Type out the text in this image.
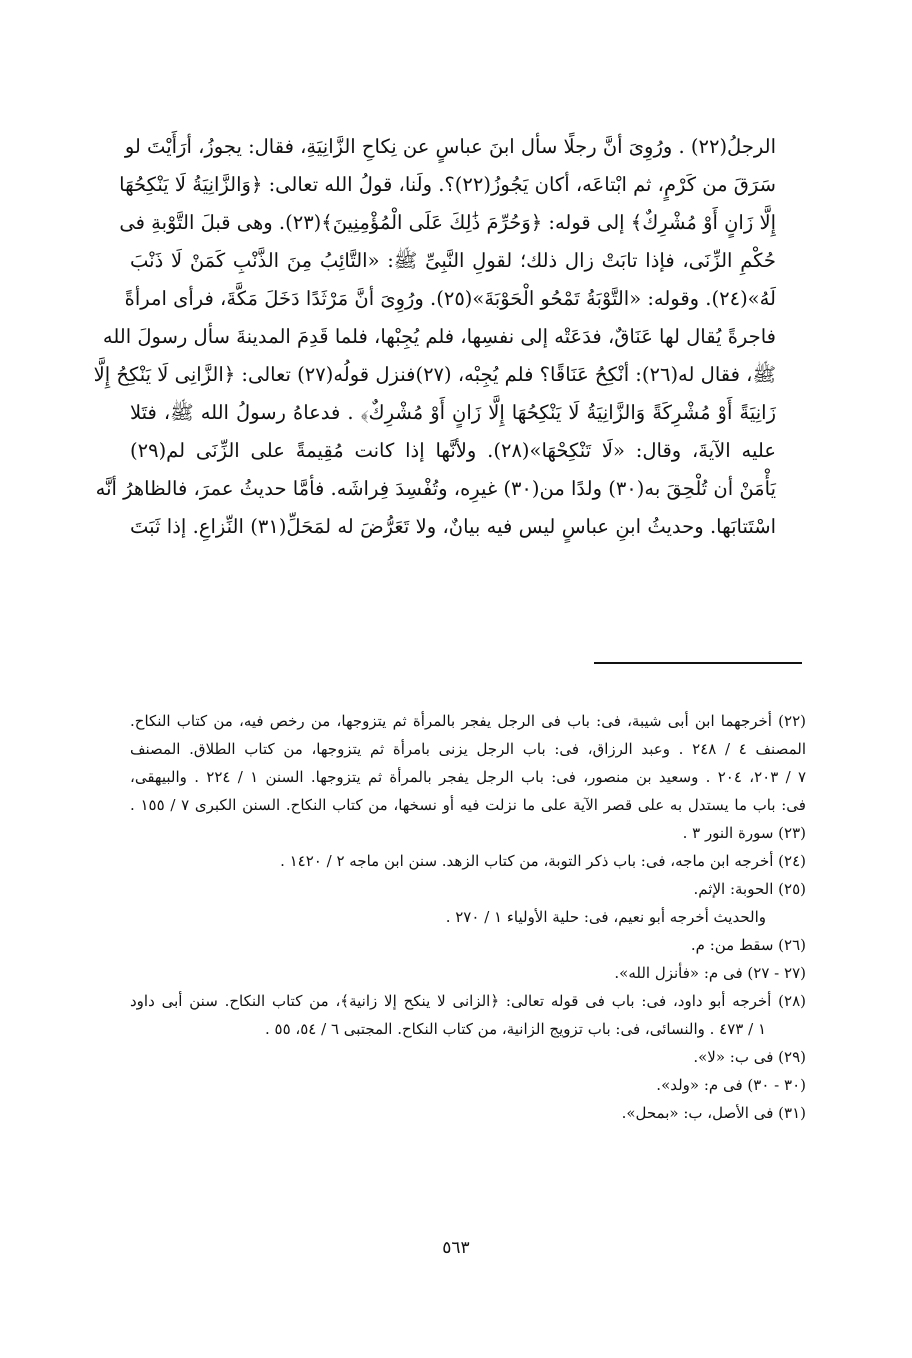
الرجلُ(٢٢) . ورُوِىَ أنَّ رجلًا سأل ابنَ عباسٍ عن نِكاحِ الزَّانِيَةِ، فقال: يجوزُ، أرَأَيْتَ لو
سَرَقَ من كَرْمٍ، ثم ابْتاعَه، أكان يَجُوزُ(٢٢)؟. ولَنا، قولُ الله تعالى: ﴿وَالزَّانِيَةُ لَا يَنْكِحُهَا
إِلَّا زَانٍ أَوْ مُشْرِكٌ﴾ إلى قوله: ﴿وَحُرِّمَ ذَٰلِكَ عَلَى الْمُؤْمِنِينَ﴾(٢٣). وهى قبلَ التَّوْبةِ فى
حُكْمِ الزِّنَى، فإذا تابَتْ زال ذلك؛ لقولِ النَّبِىِّ ﷺ: «التَّائِبُ مِنَ الذَّنْبِ كَمَنْ لَا ذَنْبَ
لَهُ»(٢٤). وقوله: «التَّوْبَةُ تَمْحُو الْحَوْبَةَ»(٢٥). ورُوِىَ أنَّ مَرْثَدًا دَخَلَ مَكَّةَ، فرأى امرأةً
فاجرةً يُقال لها عَنَاقٌ، فدَعَتْه إلى نفسِها، فلم يُجِبْها، فلما قَدِمَ المدينةَ سأل رسولَ الله
ﷺ، فقال له(٢٦): أنْكِحُ عَنَاقًا؟ فلم يُجِبْه، (٢٧)فنزل قولُه(٢٧) تعالى: ﴿الزَّانِى لَا يَنْكِحُ إِلَّا
زَانِيَةً أَوْ مُشْرِكَةً وَالزَّانِيَةُ لَا يَنْكِحُهَا إِلَّا زَانٍ أَوْ مُشْرِكٌ﴾ . فدعاهُ رسولُ الله ﷺ، فتَلا
عليه الآيةَ، وقال: «لَا تَنْكِحْهَا»(٢٨). ولأنَّها إذا كانت مُقِيمةً على الزِّنَى لم(٢٩)
يَأْمَنْ أن تُلْحِقَ به(٣٠) ولدًا من(٣٠) غيرِه، وتُفْسِدَ فِراشَه. فأمَّا حديثُ عمرَ، فالظاهرُ أنَّه
اسْتَتابَها. وحديثُ ابنِ عباسٍ ليس فيه بيانٌ، ولا تَعَرُّضَ له لمَحَلِّ(٣١) النِّزاعِ. إذا ثَبَتَ
(٢٢) أخرجهما ابن أبى شيبة، فى: باب فى الرجل يفجر بالمرأة ثم يتزوجها، من رخص فيه، من كتاب النكاح.
المصنف ٤ / ٢٤٨ . وعبد الرزاق، فى: باب الرجل يزنى بامرأة ثم يتزوجها، من كتاب الطلاق. المصنف
٧ / ٢٠٣، ٢٠٤ . وسعيد بن منصور، فى: باب الرجل يفجر بالمرأة ثم يتزوجها. السنن ١ / ٢٢٤ . والبيهقى،
فى: باب ما يستدل به على قصر الآية على ما نزلت فيه أو نسخها، من كتاب النكاح. السنن الكبرى ٧ / ١٥٥ .
(٢٣) سورة النور ٣ .
(٢٤) أخرجه ابن ماجه، فى: باب ذكر التوبة، من كتاب الزهد. سنن ابن ماجه ٢ / ١٤٢٠ .
(٢٥) الحوبة: الإثم.
والحديث أخرجه أبو نعيم، فى: حلية الأولياء ١ / ٢٧٠ .
(٢٦) سقط من: م.
(٢٧ - ٢٧) فى م: «فأنزل الله».
(٢٨) أخرجه أبو داود، فى: باب فى قوله تعالى: ﴿الزانى لا ينكح إلا زانية﴾، من كتاب النكاح. سنن أبى داود
١ / ٤٧٣ . والنسائى، فى: باب تزويج الزانية، من كتاب النكاح. المجتبى ٦ / ٥٤، ٥٥ .
(٢٩) فى ب: «لا».
(٣٠ - ٣٠) فى م: «ولد».
(٣١) فى الأصل، ب: «بمحل».
٥٦٣
